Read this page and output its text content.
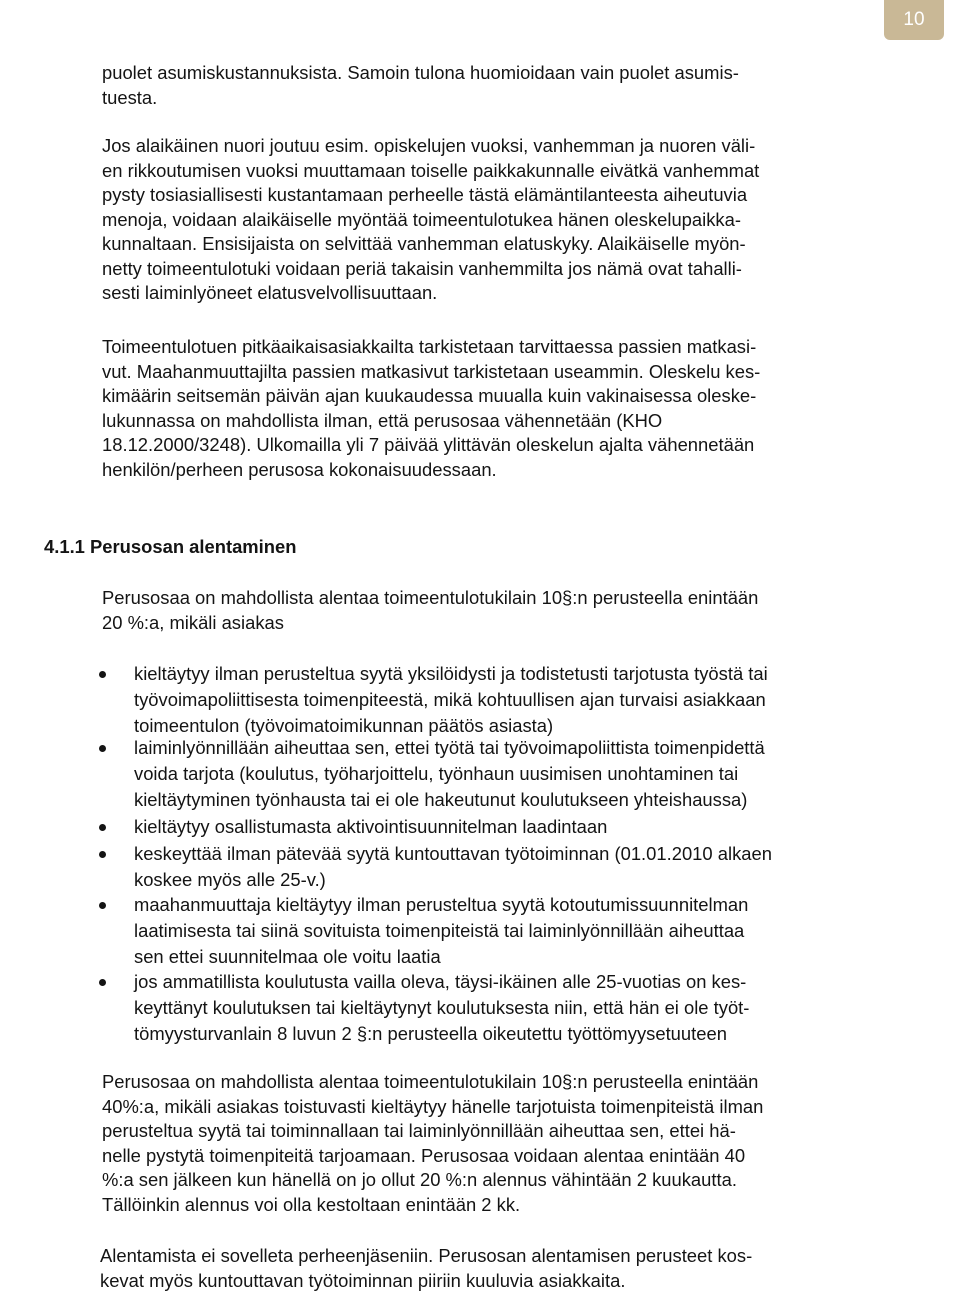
10
puolet asumiskustannuksista. Samoin tulona huomioidaan vain puolet asumis-
tuesta.
Jos alaikäinen nuori joutuu esim. opiskelujen vuoksi, vanhemman ja nuoren väli-
en rikkoutumisen vuoksi muuttamaan toiselle paikkakunnalle eivätkä vanhemmat
pysty tosiasiallisesti kustantamaan perheelle tästä elämäntilanteesta aiheutuvia
menoja, voidaan alaikäiselle myöntää toimeentulotukea hänen oleskelupaikka-
kunnaltaan. Ensisijaista on selvittää vanhemman elatuskyky. Alaikäiselle myön-
netty toimeentulotuki voidaan periä takaisin vanhemmilta jos nämä ovat tahalli-
sesti laiminlyöneet elatusvelvollisuuttaan.
Toimeentulotuen pitkäaikaisasiakkailta tarkistetaan tarvittaessa passien matkasi-
vut. Maahanmuuttajilta passien matkasivut tarkistetaan useammin. Oleskelu kes-
kimäärin seitsemän päivän ajan kuukaudessa muualla kuin vakinaisessa oleske-
lukunnassa on mahdollista ilman, että perusosaa vähennetään (KHO
18.12.2000/3248). Ulkomailla yli 7 päivää ylittävän oleskelun ajalta vähennetään
henkilön/perheen perusosa kokonaisuudessaan.
4.1.1 Perusosan alentaminen
Perusosaa on mahdollista alentaa toimeentulotukilain 10§:n perusteella enintään
20 %:a, mikäli asiakas
kieltäytyy ilman perusteltua syytä yksilöidysti ja todistetusti tarjotusta työstä tai
työvoimapoliittisesta toimenpiteestä, mikä kohtuullisen ajan turvaisi asiakkaan
toimeentulon (työvoimatoimikunnan päätös asiasta)
laiminlyönnillään aiheuttaa sen, ettei työtä tai työvoimapoliittista toimenpidettä
voida tarjota (koulutus, työharjoittelu, työnhaun uusimisen unohtaminen tai
kieltäytyminen työnhausta tai ei ole hakeutunut koulutukseen yhteishaussa)
kieltäytyy osallistumasta aktivointisuunnitelman laadintaan
keskeyttää ilman pätevää syytä kuntouttavan työtoiminnan (01.01.2010 alkaen
koskee myös alle 25-v.)
maahanmuuttaja kieltäytyy ilman perusteltua syytä kotoutumissuunnitelman
laatimisesta tai siinä sovituista toimenpiteistä tai laiminlyönnillään aiheuttaa
sen ettei suunnitelmaa ole voitu laatia
jos ammatillista koulutusta vailla oleva, täysi-ikäinen alle 25-vuotias on kes-
keyttänyt koulutuksen tai kieltäytynyt koulutuksesta niin, että hän ei ole työt-
tömyysturvanlain 8 luvun 2 §:n perusteella oikeutettu työttömyysetuuteen
Perusosaa on mahdollista alentaa toimeentulotukilain 10§:n perusteella enintään
40%:a, mikäli asiakas toistuvasti kieltäytyy hänelle tarjotuista toimenpiteistä ilman
perusteltua syytä tai toiminnallaan tai laiminlyönnillään aiheuttaa sen, ettei hä-
nelle pystytä toimenpiteitä tarjoamaan. Perusosaa voidaan alentaa enintään 40
%:a sen jälkeen kun hänellä on jo ollut 20 %:n alennus vähintään 2 kuukautta.
Tällöinkin alennus voi olla kestoltaan enintään 2 kk.
Alentamista ei sovelleta perheenjäseniin. Perusosan alentamisen perusteet kos-
kevat myös kuntouttavan työtoiminnan piiriin kuuluvia asiakkaita.
